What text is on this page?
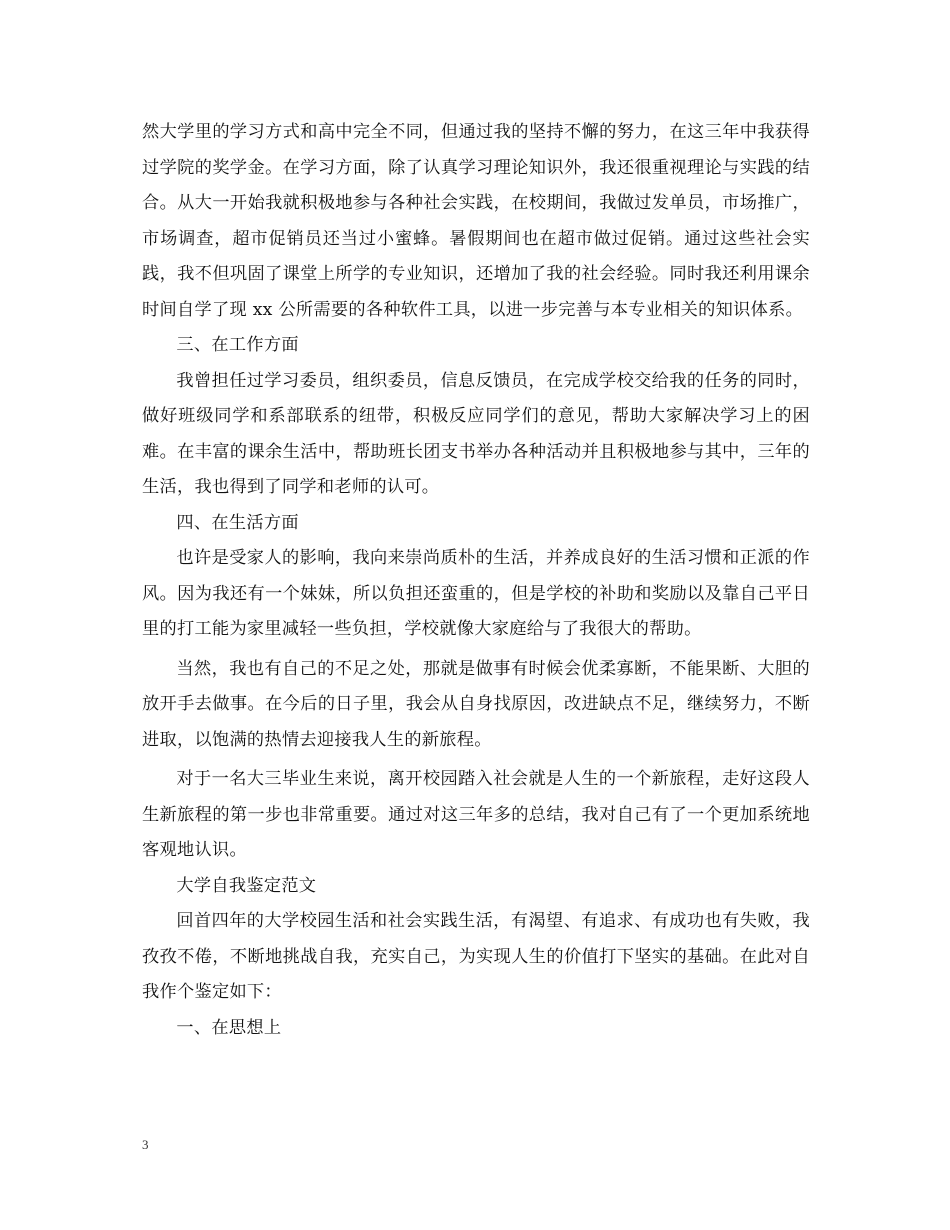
然大学里的学习方式和高中完全不同，但通过我的坚持不懈的努力，在这三年中我获得过学院的奖学金。在学习方面，除了认真学习理论知识外，我还很重视理论与实践的结合。从大一开始我就积极地参与各种社会实践，在校期间，我做过发单员，市场推广，市场调查，超市促销员还当过小蜜蜂。暑假期间也在超市做过促销。通过这些社会实践，我不但巩固了课堂上所学的专业知识，还增加了我的社会经验。同时我还利用课余时间自学了现 xx 公所需要的各种软件工具，以进一步完善与本专业相关的知识体系。

三、在工作方面

我曾担任过学习委员，组织委员，信息反馈员，在完成学校交给我的任务的同时，做好班级同学和系部联系的纽带，积极反应同学们的意见，帮助大家解决学习上的困难。在丰富的课余生活中，帮助班长团支书举办各种活动并且积极地参与其中，三年的生活，我也得到了同学和老师的认可。

四、在生活方面

也许是受家人的影响，我向来崇尚质朴的生活，并养成良好的生活习惯和正派的作风。因为我还有一个妹妹，所以负担还蛮重的，但是学校的补助和奖励以及靠自己平日里的打工能为家里减轻一些负担，学校就像大家庭给与了我很大的帮助。

当然，我也有自己的不足之处，那就是做事有时候会优柔寡断，不能果断、大胆的放开手去做事。在今后的日子里，我会从自身找原因，改进缺点不足，继续努力，不断进取，以饱满的热情去迎接我人生的新旅程。

对于一名大三毕业生来说，离开校园踏入社会就是人生的一个新旅程，走好这段人生新旅程的第一步也非常重要。通过对这三年多的总结，我对自己有了一个更加系统地客观地认识。

大学自我鉴定范文

回首四年的大学校园生活和社会实践生活，有渴望、有追求、有成功也有失败，我孜孜不倦，不断地挑战自我，充实自己，为实现人生的价值打下坚实的基础。在此对自我作个鉴定如下：

一、在思想上

3
